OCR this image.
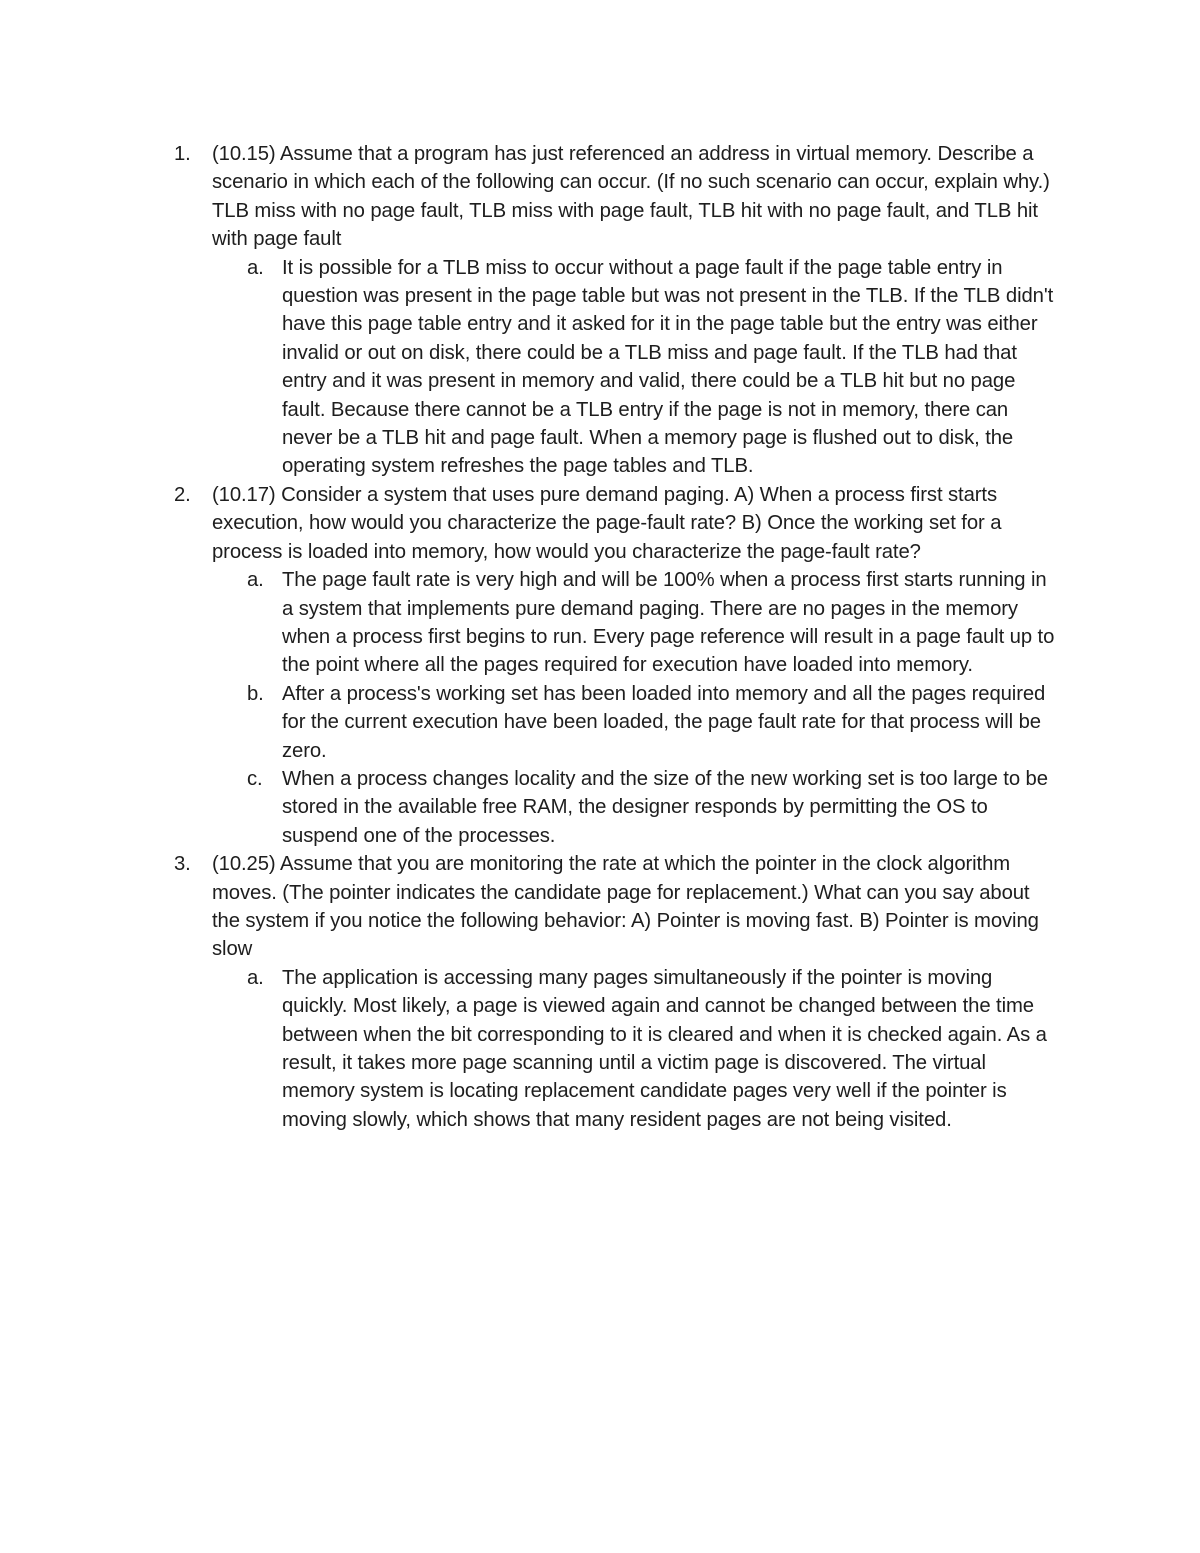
1. (10.15) Assume that a program has just referenced an address in virtual memory. Describe a scenario in which each of the following can occur. (If no such scenario can occur, explain why.) TLB miss with no page fault, TLB miss with page fault, TLB hit with no page fault, and TLB hit with page fault

a. It is possible for a TLB miss to occur without a page fault if the page table entry in question was present in the page table but was not present in the TLB. If the TLB didn't have this page table entry and it asked for it in the page table but the entry was either invalid or out on disk, there could be a TLB miss and page fault. If the TLB had that entry and it was present in memory and valid, there could be a TLB hit but no page fault. Because there cannot be a TLB entry if the page is not in memory, there can never be a TLB hit and page fault. When a memory page is flushed out to disk, the operating system refreshes the page tables and TLB.

2. (10.17) Consider a system that uses pure demand paging. A) When a process first starts execution, how would you characterize the page-fault rate? B) Once the working set for a process is loaded into memory, how would you characterize the page-fault rate?

a. The page fault rate is very high and will be 100% when a process first starts running in a system that implements pure demand paging. There are no pages in the memory when a process first begins to run. Every page reference will result in a page fault up to the point where all the pages required for execution have loaded into memory.

b. After a process's working set has been loaded into memory and all the pages required for the current execution have been loaded, the page fault rate for that process will be zero.

c. When a process changes locality and the size of the new working set is too large to be stored in the available free RAM, the designer responds by permitting the OS to suspend one of the processes.

3. (10.25) Assume that you are monitoring the rate at which the pointer in the clock algorithm moves. (The pointer indicates the candidate page for replacement.) What can you say about the system if you notice the following behavior: A) Pointer is moving fast. B) Pointer is moving slow

a. The application is accessing many pages simultaneously if the pointer is moving quickly. Most likely, a page is viewed again and cannot be changed between the time between when the bit corresponding to it is cleared and when it is checked again. As a result, it takes more page scanning until a victim page is discovered. The virtual memory system is locating replacement candidate pages very well if the pointer is moving slowly, which shows that many resident pages are not being visited.
